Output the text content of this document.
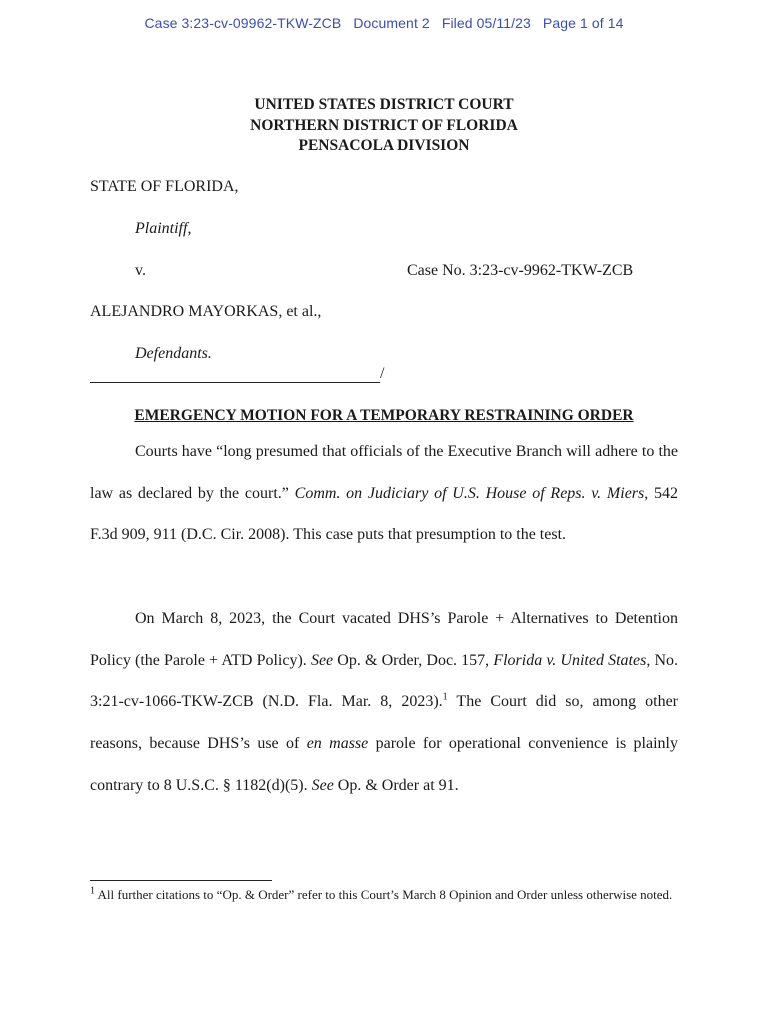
Case 3:23-cv-09962-TKW-ZCB Document 2 Filed 05/11/23 Page 1 of 14
UNITED STATES DISTRICT COURT
NORTHERN DISTRICT OF FLORIDA
PENSACOLA DIVISION
STATE OF FLORIDA,
Plaintiff,
v.	Case No. 3:23-cv-9962-TKW-ZCB
ALEJANDRO MAYORKAS, et al.,
Defendants.
/
EMERGENCY MOTION FOR A TEMPORARY RESTRAINING ORDER
Courts have “long presumed that officials of the Executive Branch will adhere to the law as declared by the court.” Comm. on Judiciary of U.S. House of Reps. v. Miers, 542 F.3d 909, 911 (D.C. Cir. 2008). This case puts that presumption to the test.
On March 8, 2023, the Court vacated DHS’s Parole + Alternatives to Detention Policy (the Parole + ATD Policy). See Op. & Order, Doc. 157, Florida v. United States, No. 3:21-cv-1066-TKW-ZCB (N.D. Fla. Mar. 8, 2023).$^1$ The Court did so, among other reasons, because DHS’s use of en masse parole for operational convenience is plainly contrary to 8 U.S.C. § 1182(d)(5). See Op. & Order at 91.
$^1$ All further citations to “Op. & Order” refer to this Court’s March 8 Opinion and Order unless otherwise noted.
